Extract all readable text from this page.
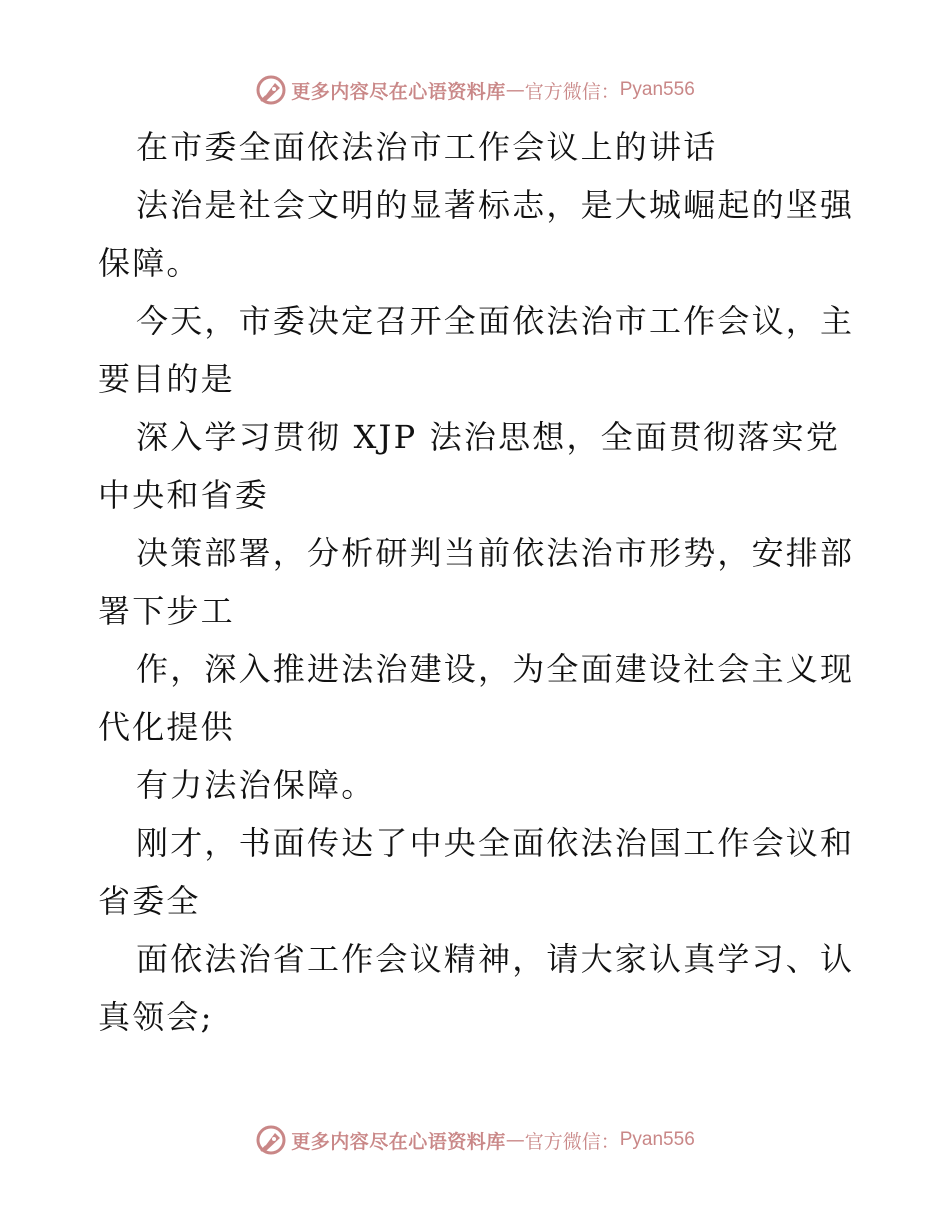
更多内容尽在心语资料库 — 官方微信： Pyan556
在市委全面依法治市工作会议上的讲话
法治是社会文明的显著标志，是大城崛起的坚强
保障。
今天，市委决定召开全面依法治市工作会议，主
要目的是
深入学习贯彻 XJP 法治思想，全面贯彻落实党
中央和省委
决策部署，分析研判当前依法治市形势，安排部
署下步工
作，深入推进法治建设，为全面建设社会主义现
代化提供
有力法治保障。
刚才，书面传达了中央全面依法治国工作会议和
省委全
面依法治省工作会议精神，请大家认真学习、认
真领会;
更多内容尽在心语资料库 — 官方微信： Pyan556
